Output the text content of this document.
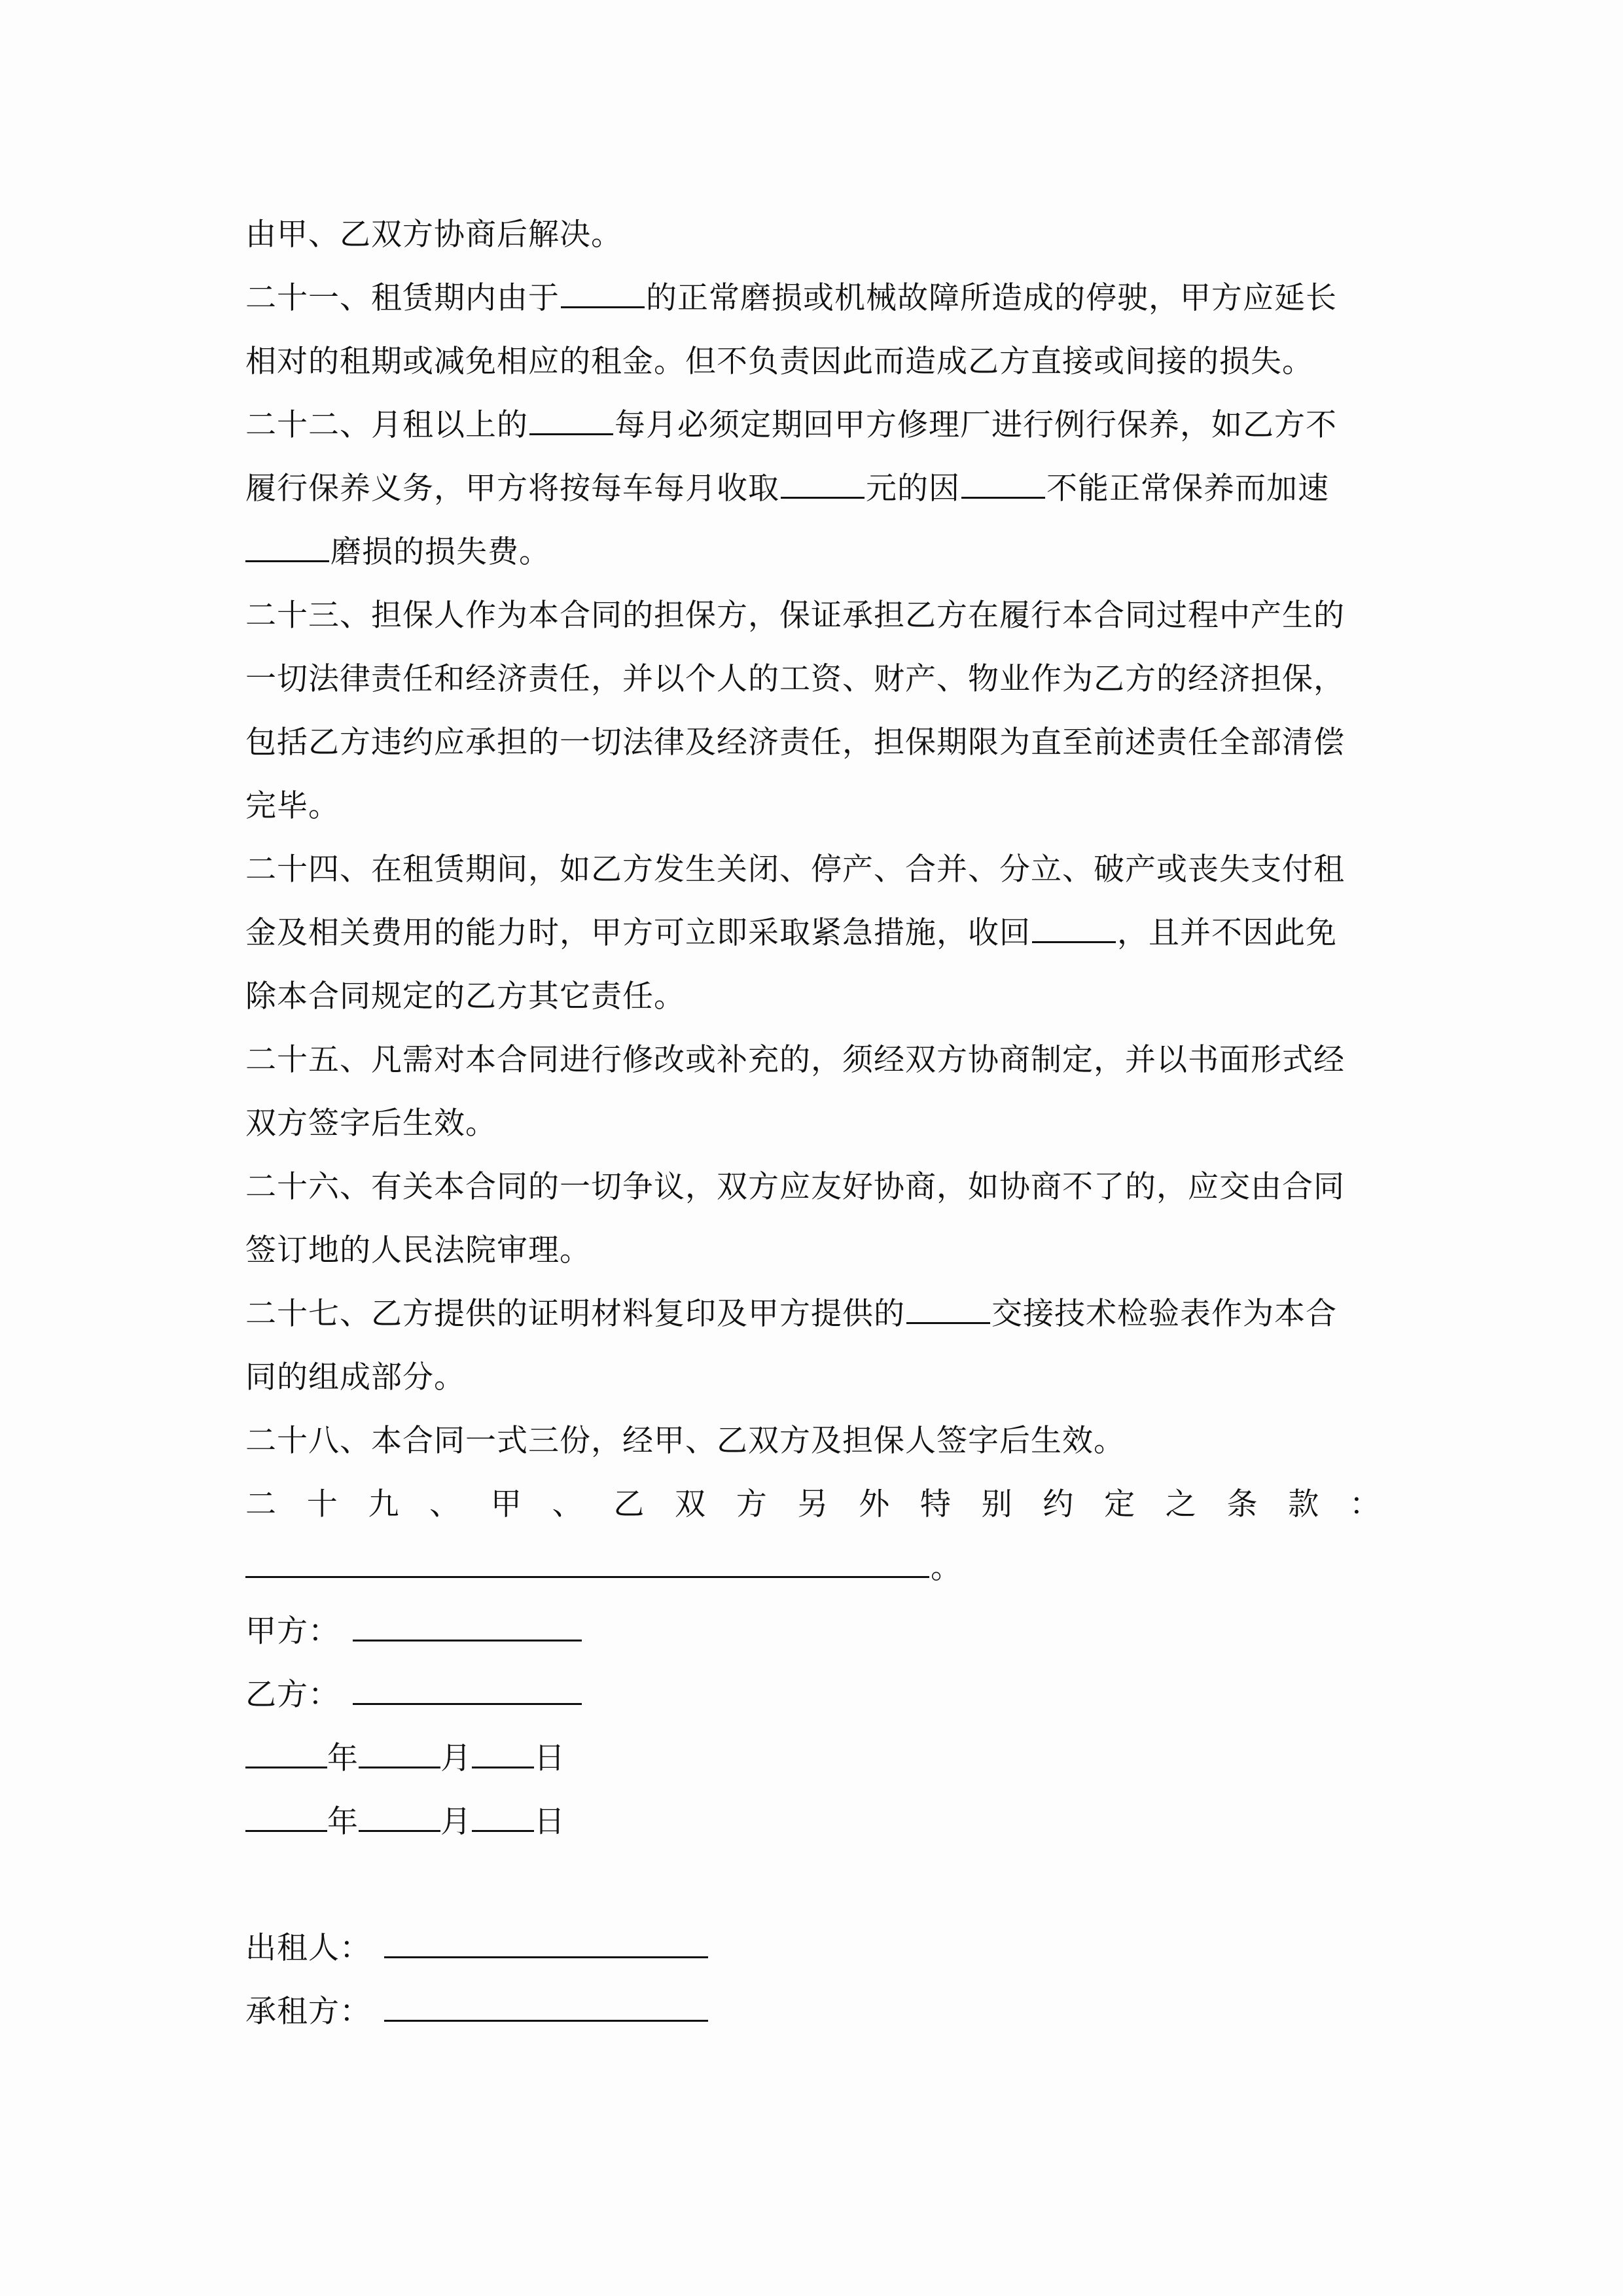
由甲、乙双方协商后解决。
二十一、租赁期内由于	的正常磨损或机械故障所造成的停驶，甲方应延长
相对的租期或减免相应的租金。但不负责因此而造成乙方直接或间接的损失。
二十二、月租以上的	每月必须定期回甲方修理厂进行例行保养，如乙方不
履行保养义务，甲方将按每车每月收取	元的因	不能正常保养而加速
磨损的损失费。
二十三、担保人作为本合同的担保方，保证承担乙方在履行本合同过程中产生的
一切法律责任和经济责任，并以个人的工资、财产、物业作为乙方的经济担保，
包括乙方违约应承担的一切法律及经济责任，担保期限为直至前述责任全部清偿
完毕。
二十四、在租赁期间，如乙方发生关闭、停产、合并、分立、破产或丧失支付租
金及相关费用的能力时，甲方可立即采取紧急措施，收回	，且并不因此免
除本合同规定的乙方其它责任。
二十五、凡需对本合同进行修改或补充的，须经双方协商制定，并以书面形式经
双方签字后生效。
二十六、有关本合同的一切争议，双方应友好协商，如协商不了的，应交由合同
签订地的人民法院审理。
二十七、乙方提供的证明材料复印及甲方提供的	交接技术检验表作为本合
同的组成部分。
二十八、本合同一式三份，经甲、乙双方及担保人签字后生效。
二 十 九 、 甲 、 乙 双 方 另 外 特 别 约 定 之 条 款 ：
。
甲方：
乙方：
年	月 日
年	月 日
出租人：
承租方：
